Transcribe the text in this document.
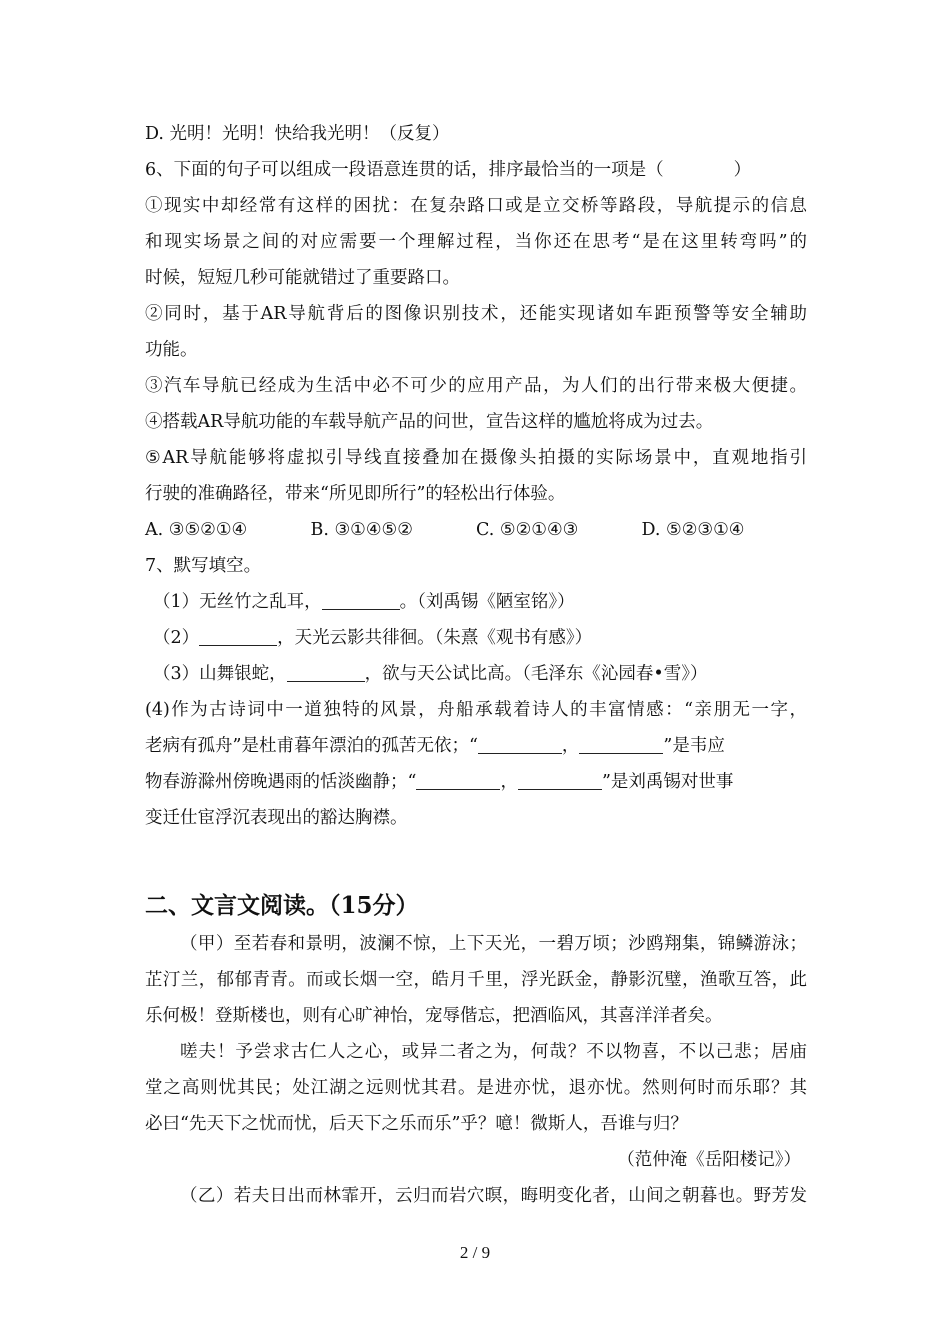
D. 光明！光明！快给我光明！（反复）
6、下面的句子可以组成一段语意连贯的话，排序最恰当的一项是（　　　　）
①现实中却经常有这样的困扰：在复杂路口或是立交桥等路段，导航提示的信息
和现实场景之间的对应需要一个理解过程，当你还在思考“是在这里转弯吗”的
时候，短短几秒可能就错过了重要路口。
②同时，基于AR导航背后的图像识别技术，还能实现诸如车距预警等安全辅助
功能。
③汽车导航已经成为生活中必不可少的应用产品，为人们的出行带来极大便捷。
④搭载AR导航功能的车载导航产品的问世，宣告这样的尴尬将成为过去。
⑤AR导航能够将虚拟引导线直接叠加在摄像头拍摄的实际场景中，直观地指引
行驶的准确路径，带来“所见即所行”的轻松出行体验。
A. ③⑤②①④	B. ③①④⑤②	C. ⑤②①④③	D. ⑤②③①④
7、默写填空。
（1）无丝竹之乱耳，	。（刘禹锡《陋室铭》）
（2）	，天光云影共徘徊。（朱熹《观书有感》）
（3）山舞银蛇，	，欲与天公试比高。（毛泽东《沁园春•雪》）
(4)作为古诗词中一道独特的风景，舟船承载着诗人的丰富情感：“亲朋无一字，
老病有孤舟”是杜甫暮年漂泊的孤苦无依；“	，	”是韦应
物春游滁州傍晚遇雨的恬淡幽静；“	，	”是刘禹锡对世事
变迁仕宦浮沉表现出的豁达胸襟。
二、文言文阅读。（15分）
（甲）至若春和景明，波澜不惊，上下天光，一碧万顷；沙鸥翔集，锦鳞游泳；
芷汀兰，郁郁青青。而或长烟一空，皓月千里，浮光跃金，静影沉璧，渔歌互答，此
乐何极！登斯楼也，则有心旷神怡，宠辱偕忘，把酒临风，其喜洋洋者矣。
嗟夫！予尝求古仁人之心，或异二者之为，何哉？不以物喜，不以己悲；居庙
堂之高则忧其民；处江湖之远则忧其君。是进亦忧，退亦忧。然则何时而乐耶？其
必曰“先天下之忧而忧，后天下之乐而乐”乎？噫！微斯人，吾谁与归？
（范仲淹《岳阳楼记》）
（乙）若夫日出而林霏开，云归而岩穴暝，晦明变化者，山间之朝暮也。野芳发
2 / 9
